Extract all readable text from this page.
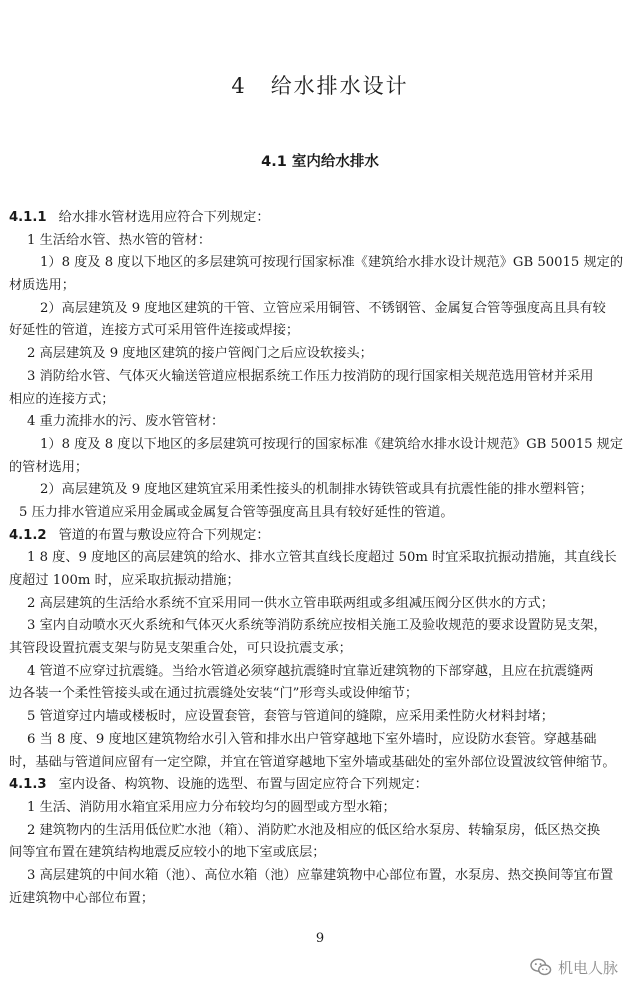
4 给水排水设计
4.1 室内给水排水
4.1.1 给水排水管材选用应符合下列规定：
1 生活给水管、热水管的管材：
1）8 度及 8 度以下地区的多层建筑可按现行国家标准《建筑给水排水设计规范》GB 50015 规定的
材质选用；
2）高层建筑及 9 度地区建筑的干管、立管应采用铜管、不锈钢管、金属复合管等强度高且具有较
好延性的管道，连接方式可采用管件连接或焊接；
2 高层建筑及 9 度地区建筑的接户管阀门之后应设软接头；
3 消防给水管、气体灭火输送管道应根据系统工作压力按消防的现行国家相关规范选用管材并采用
相应的连接方式；
4 重力流排水的污、废水管管材：
1）8 度及 8 度以下地区的多层建筑可按现行的国家标准《建筑给水排水设计规范》GB 50015 规定
的管材选用；
2）高层建筑及 9 度地区建筑宜采用柔性接头的机制排水铸铁管或具有抗震性能的排水塑料管；
5 压力排水管道应采用金属或金属复合管等强度高且具有较好延性的管道。
4.1.2 管道的布置与敷设应符合下列规定：
1 8 度、9 度地区的高层建筑的给水、排水立管其直线长度超过 50m 时宜采取抗振动措施，其直线长
度超过 100m 时，应采取抗振动措施；
2 高层建筑的生活给水系统不宜采用同一供水立管串联两组或多组减压阀分区供水的方式；
3 室内自动喷水灭火系统和气体灭火系统等消防系统应按相关施工及验收规范的要求设置防晃支架，
其管段设置抗震支架与防晃支架重合处，可只设抗震支承；
4 管道不应穿过抗震缝。当给水管道必须穿越抗震缝时宜靠近建筑物的下部穿越，且应在抗震缝两
边各装一个柔性管接头或在通过抗震缝处安装“门”形弯头或设伸缩节；
5 管道穿过内墙或楼板时，应设置套管，套管与管道间的缝隙，应采用柔性防火材料封堵；
6 当 8 度、9 度地区建筑物给水引入管和排水出户管穿越地下室外墙时，应设防水套管。穿越基础
时，基础与管道间应留有一定空隙，并宜在管道穿越地下室外墙或基础处的室外部位设置波纹管伸缩节。
4.1.3 室内设备、构筑物、设施的选型、布置与固定应符合下列规定：
1 生活、消防用水箱宜采用应力分布较均匀的圆型或方型水箱；
2 建筑物内的生活用低位贮水池（箱）、消防贮水池及相应的低区给水泵房、转输泵房，低区热交换
间等宜布置在建筑结构地震反应较小的地下室或底层；
3 高层建筑的中间水箱（池）、高位水箱（池）应靠建筑物中心部位布置，水泵房、热交换间等宜布置
近建筑物中心部位布置；
9
机电人脉
